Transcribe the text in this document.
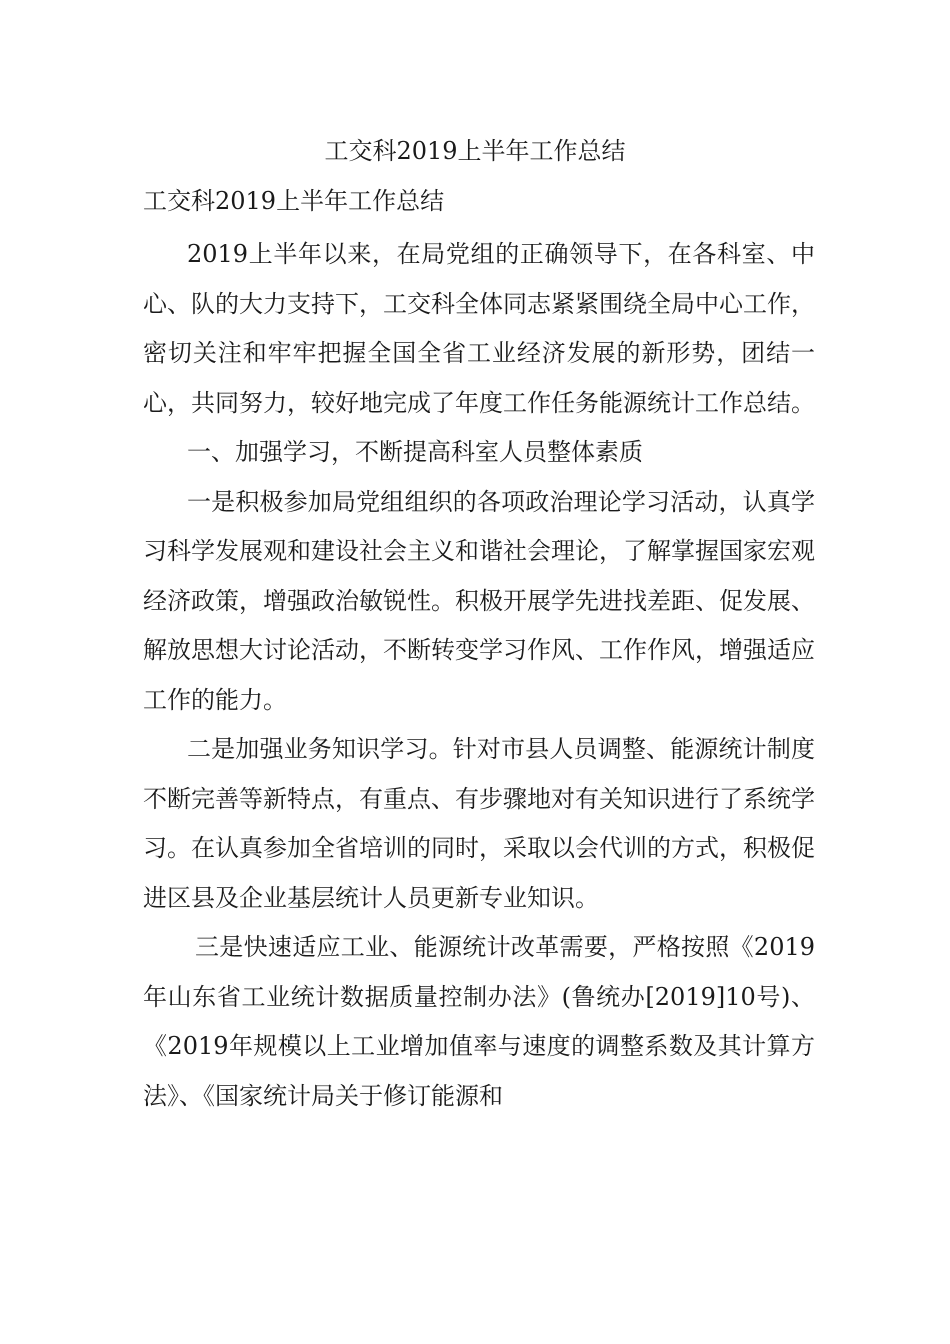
工交科2019上半年工作总结
工交科2019上半年工作总结

2019上半年以来，在局党组的正确领导下，在各科室、中心、队的大力支持下，工交科全体同志紧紧围绕全局中心工作，密切关注和牢牢把握全国全省工业经济发展的新形势，团结一心，共同努力，较好地完成了年度工作任务能源统计工作总结。

一、加强学习，不断提高科室人员整体素质

一是积极参加局党组组织的各项政治理论学习活动，认真学习科学发展观和建设社会主义和谐社会理论，了解掌握国家宏观经济政策，增强政治敏锐性。积极开展学先进找差距、促发展、解放思想大讨论活动，不断转变学习作风、工作作风，增强适应工作的能力。

二是加强业务知识学习。针对市县人员调整、能源统计制度不断完善等新特点，有重点、有步骤地对有关知识进行了系统学习。在认真参加全省培训的同时，采取以会代训的方式，积极促进区县及企业基层统计人员更新专业知识。

三是快速适应工业、能源统计改革需要，严格按照《2019年山东省工业统计数据质量控制办法》(鲁统办[2019]10号)、《2019年规模以上工业增加值率与速度的调整系数及其计算方法》、《国家统计局关于修订能源和
